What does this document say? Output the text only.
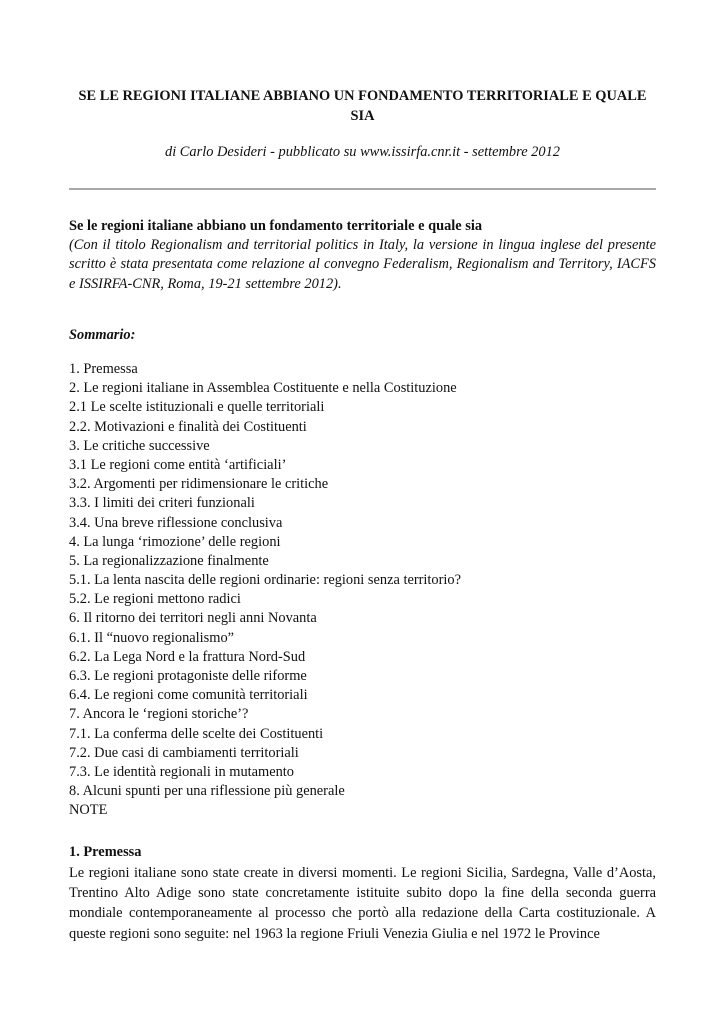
SE LE REGIONI ITALIANE ABBIANO UN FONDAMENTO TERRITORIALE E QUALE SIA
di Carlo Desideri - pubblicato su www.issirfa.cnr.it - settembre 2012
Se le regioni italiane abbiano un fondamento territoriale e quale sia
(Con il titolo Regionalism and territorial politics in Italy, la versione in lingua inglese del presente scritto è stata presentata come relazione al convegno Federalism, Regionalism and Territory, IACFS e ISSIRFA-CNR, Roma, 19-21 settembre 2012).
Sommario:
1. Premessa
2. Le regioni italiane in Assemblea Costituente e nella Costituzione
2.1 Le scelte istituzionali e quelle territoriali
2.2. Motivazioni e finalità dei Costituenti
3. Le critiche successive
3.1 Le regioni come entità ‘artificiali’
3.2. Argomenti per ridimensionare le critiche
3.3. I limiti dei criteri funzionali
3.4. Una breve riflessione conclusiva
4. La lunga ‘rimozione’ delle regioni
5. La regionalizzazione finalmente
5.1. La lenta nascita delle regioni ordinarie: regioni senza territorio?
5.2. Le regioni mettono radici
6. Il ritorno dei territori negli anni Novanta
6.1. Il “nuovo regionalismo”
6.2. La Lega Nord e la frattura Nord-Sud
6.3. Le regioni protagoniste delle riforme
6.4. Le regioni come comunità territoriali
7. Ancora le ‘regioni storiche’?
7.1. La conferma delle scelte dei Costituenti
7.2. Due casi di cambiamenti territoriali
7.3. Le identità regionali in mutamento
8. Alcuni spunti per una riflessione più generale
NOTE
1. Premessa
Le regioni italiane sono state create in diversi momenti. Le regioni Sicilia, Sardegna, Valle d’Aosta, Trentino Alto Adige sono state concretamente istituite subito dopo la fine della seconda guerra mondiale contemporaneamente al processo che portò alla redazione della Carta costituzionale. A queste regioni sono seguite: nel 1963 la regione Friuli Venezia Giulia e nel 1972 le Province
